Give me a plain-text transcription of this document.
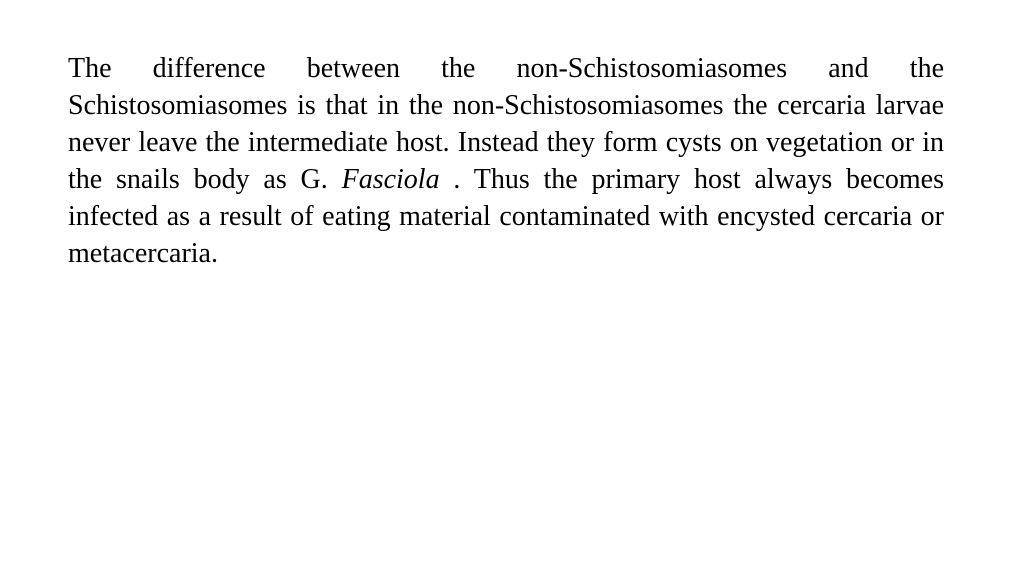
The difference between the non-Schistosomiasomes and the Schistosomiasomes is that in the non-Schistosomiasomes the cercaria larvae never leave the intermediate host. Instead they form cysts on vegetation or in the snails body as G. Fasciola . Thus the primary host always becomes infected as a result of eating material contaminated with encysted cercaria or metacercaria.
